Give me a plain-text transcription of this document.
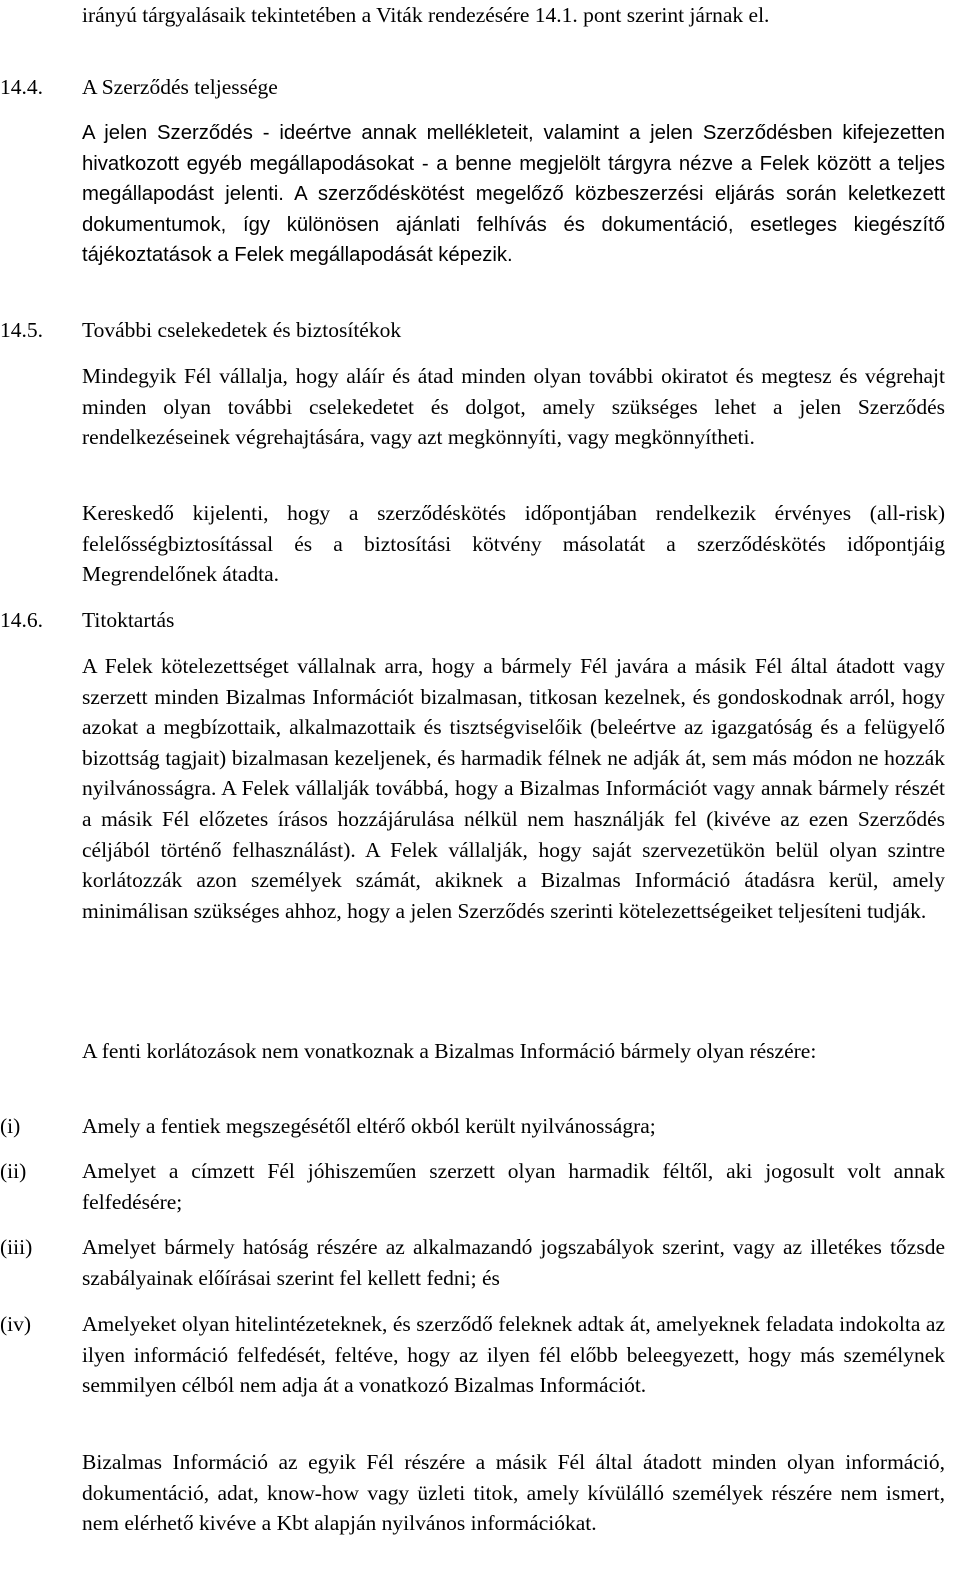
irányú tárgyalásaik tekintetében a Viták rendezésére 14.1. pont szerint járnak el.
14.4. A Szerződés teljessége
A jelen Szerződés - ideértve annak mellékleteit, valamint a jelen Szerződésben kifejezetten hivatkozott egyéb megállapodásokat - a benne megjelölt tárgyra nézve a Felek között a teljes megállapodást jelenti. A szerződéskötést megelőző közbeszerzési eljárás során keletkezett dokumentumok, így különösen ajánlati felhívás és dokumentáció, esetleges kiegészítő tájékoztatások a Felek megállapodását képezik.
14.5. További cselekedetek és biztosítékok
Mindegyik Fél vállalja, hogy aláír és átad minden olyan további okiratot és megtesz és végrehajt minden olyan további cselekedetet és dolgot, amely szükséges lehet a jelen Szerződés rendelkezéseinek végrehajtására, vagy azt megkönnyíti, vagy megkönnyítheti.
Kereskedő kijelenti, hogy a szerződéskötés időpontjában rendelkezik érvényes (all-risk) felelősségbiztosítással és a biztosítási kötvény másolatát a szerződéskötés időpontjáig Megrendelőnek átadta.
14.6. Titoktartás
A Felek kötelezettséget vállalnak arra, hogy a bármely Fél javára a másik Fél által átadott vagy szerzett minden Bizalmas Információt bizalmasan, titkosan kezelnek, és gondoskodnak arról, hogy azokat a megbízottaik, alkalmazottaik és tisztségviselőik (beleértve az igazgatóság és a felügyelő bizottság tagjait) bizalmasan kezeljenek, és harmadik félnek ne adják át, sem más módon ne hozzák nyilvánosságra. A Felek vállalják továbbá, hogy a Bizalmas Információt vagy annak bármely részét a másik Fél előzetes írásos hozzájárulása nélkül nem használják fel (kivéve az ezen Szerződés céljából történő felhasználást). A Felek vállalják, hogy saját szervezetükön belül olyan szintre korlátozzák azon személyek számát, akiknek a Bizalmas Információ átadásra kerül, amely minimálisan szükséges ahhoz, hogy a jelen Szerződés szerinti kötelezettségeiket teljesíteni tudják.
A fenti korlátozások nem vonatkoznak a Bizalmas Információ bármely olyan részére:
(i)	Amely a fentiek megszegésétől eltérő okból került nyilvánosságra;
(ii)	Amelyet a címzett Fél jóhiszeműen szerzett olyan harmadik féltől, aki jogosult volt annak felfedésére;
(iii) Amelyet bármely hatóság részére az alkalmazandó jogszabályok szerint, vagy az illetékes tőzsde szabályainak előírásai szerint fel kellett fedni; és
(iv) Amelyeket olyan hitelintézeteknek, és szerződő feleknek adtak át, amelyeknek feladata indokolta az ilyen információ felfedését, feltéve, hogy az ilyen fél előbb beleegyezett, hogy más személynek semmilyen célból nem adja át a vonatkozó Bizalmas Információt.
Bizalmas Információ az egyik Fél részére a másik Fél által átadott minden olyan információ, dokumentáció, adat, know-how vagy üzleti titok, amely kívülálló személyek részére nem ismert, nem elérhető kivéve a Kbt alapján nyilvános információkat.
